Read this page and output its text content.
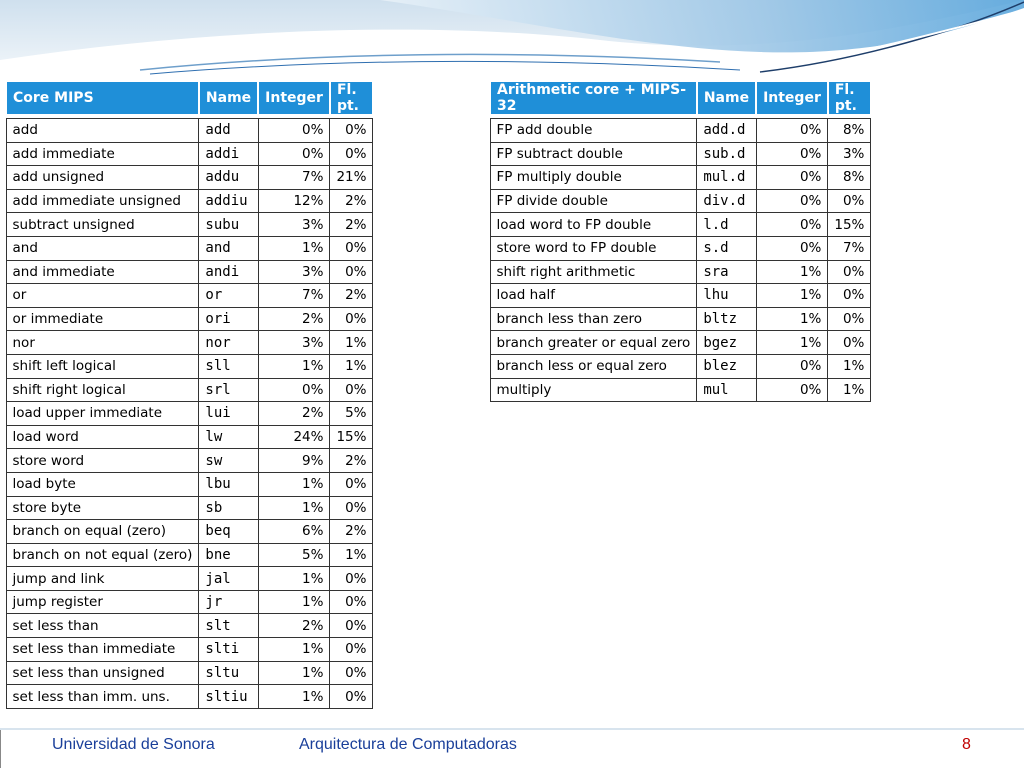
Core MIPS	Name	Integer	Fl. pt.

add	add	0%	0%
add immediate	addi	0%	0%
add unsigned	addu	7%	21%
add immediate unsigned	addiu	12%	2%
subtract unsigned	subu	3%	2%
and	and	1%	0%
and immediate	andi	3%	0%
or	or	7%	2%
or immediate	ori	2%	0%
nor	nor	3%	1%
shift left logical	sll	1%	1%
shift right logical	srl	0%	0%
load upper immediate	lui	2%	5%
load word	lw	24%	15%
store word	sw	9%	2%
load byte	lbu	1%	0%
store byte	sb	1%	0%
branch on equal (zero)	beq	6%	2%
branch on not equal (zero)	bne	5%	1%
jump and link	jal	1%	0%
jump register	jr	1%	0%
set less than	slt	2%	0%
set less than immediate	slti	1%	0%
set less than unsigned	sltu	1%	0%
set less than imm. uns.	sltiu	1%	0%
Arithmetic core + MIPS-32	Name	Integer	Fl. pt.

FP add double	add.d	0%	8%
FP subtract double	sub.d	0%	3%
FP multiply double	mul.d	0%	8%
FP divide double	div.d	0%	0%
load word to FP double	l.d	0%	15%
store word to FP double	s.d	0%	7%
shift right arithmetic	sra	1%	0%
load half	lhu	1%	0%
branch less than zero	bltz	1%	0%
branch greater or equal zero	bgez	1%	0%
branch less or equal zero	blez	0%	1%
multiply	mul	0%	1%
Universidad de Sonora	Arquitectura de Computadoras	8
